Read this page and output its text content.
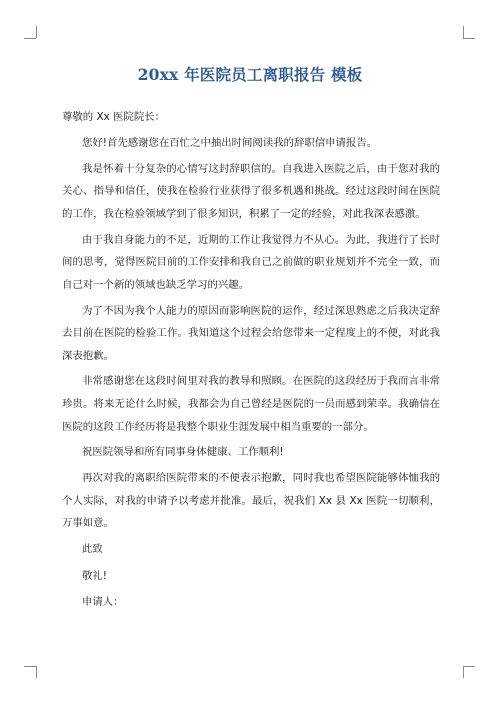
20xx 年医院员工离职报告 模板

尊敬的 Xx 医院院长：

您好!首先感谢您在百忙之中抽出时间阅读我的辞职信申请报告。

我是怀着十分复杂的心情写这封辞职信的。自我进入医院之后，由于您对我的关心、指导和信任，使我在检验行业获得了很多机遇和挑战。经过这段时间在医院的工作，我在检验领域学到了很多知识，积累了一定的经验，对此我深表感激。

由于我自身能力的不足，近期的工作让我觉得力不从心。为此，我进行了长时间的思考，觉得医院目前的工作安排和我自己之前做的职业规划并不完全一致，而自己对一个新的领域也缺乏学习的兴趣。

为了不因为我个人能力的原因而影响医院的运作，经过深思熟虑之后我决定辞去目前在医院的检验工作。我知道这个过程会给您带来一定程度上的不便，对此我深表抱歉。

非常感谢您在这段时间里对我的教导和照顾。在医院的这段经历于我而言非常珍贵。将来无论什么时候，我都会为自己曾经是医院的一员而感到荣幸。我确信在医院的这段工作经历将是我整个职业生涯发展中相当重要的一部分。

祝医院领导和所有同事身体健康、工作顺利!

再次对我的离职给医院带来的不便表示抱歉，同时我也希望医院能够体恤我的个人实际，对我的申请予以考虑并批准。最后，祝我们 Xx 县 Xx 医院一切顺利，万事如意。

此致

敬礼!

申请人：
